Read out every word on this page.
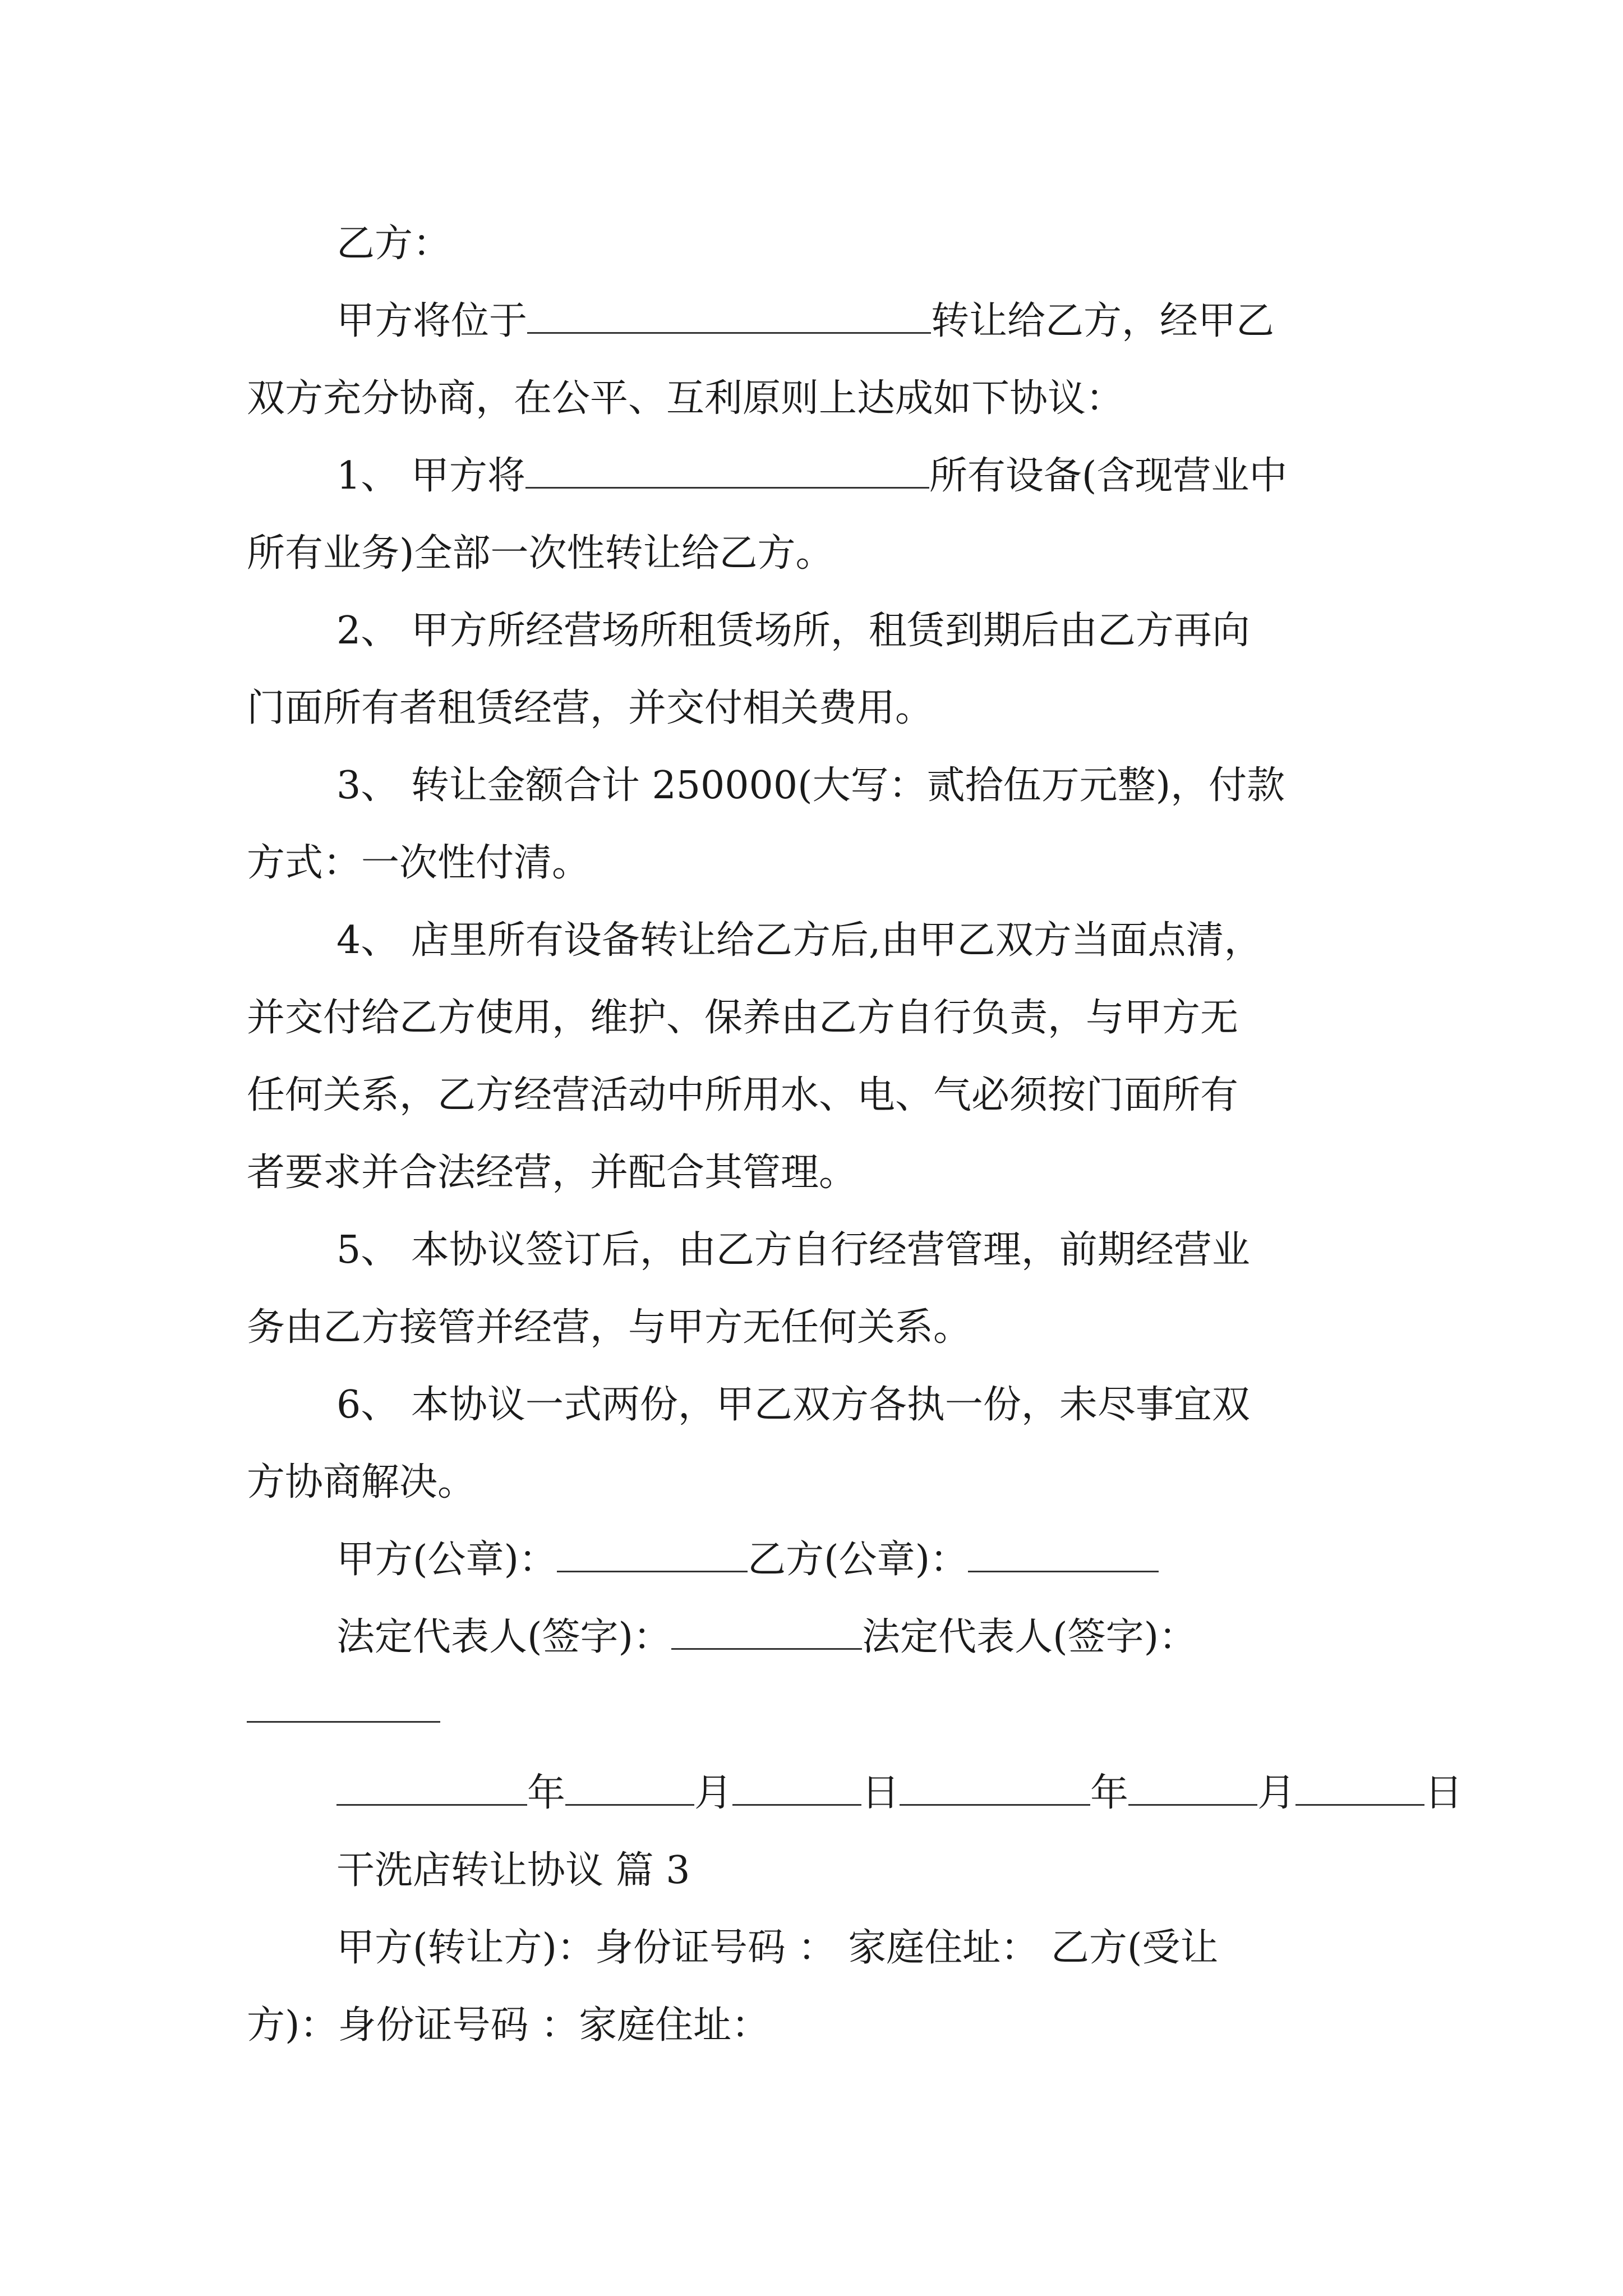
乙方：
甲方将位于	转让给乙方，经甲乙
双方充分协商，在公平、互利原则上达成如下协议：
1、 甲方将	所有设备(含现营业中
所有业务)全部一次性转让给乙方。
2、 甲方所经营场所租赁场所，租赁到期后由乙方再向
门面所有者租赁经营，并交付相关费用。
3、 转让金额合计 250000(大写：贰拾伍万元整)，付款
方式：一次性付清。
4、 店里所有设备转让给乙方后,由甲乙双方当面点清，
并交付给乙方使用，维护、保养由乙方自行负责，与甲方无
任何关系，乙方经营活动中所用水、电、气必须按门面所有
者要求并合法经营，并配合其管理。
5、 本协议签订后，由乙方自行经营管理，前期经营业
务由乙方接管并经营，与甲方无任何关系。
6、 本协议一式两份，甲乙双方各执一份，未尽事宜双
方协商解决。
甲方(公章)：	乙方(公章)：
法定代表人(签字)：	法定代表人(签字)：
年	月	日	年	月	日
干洗店转让协议 篇 3
甲方(转让方)：身份证号码 ： 家庭住址： 乙方(受让
方)：身份证号码 ：家庭住址：
